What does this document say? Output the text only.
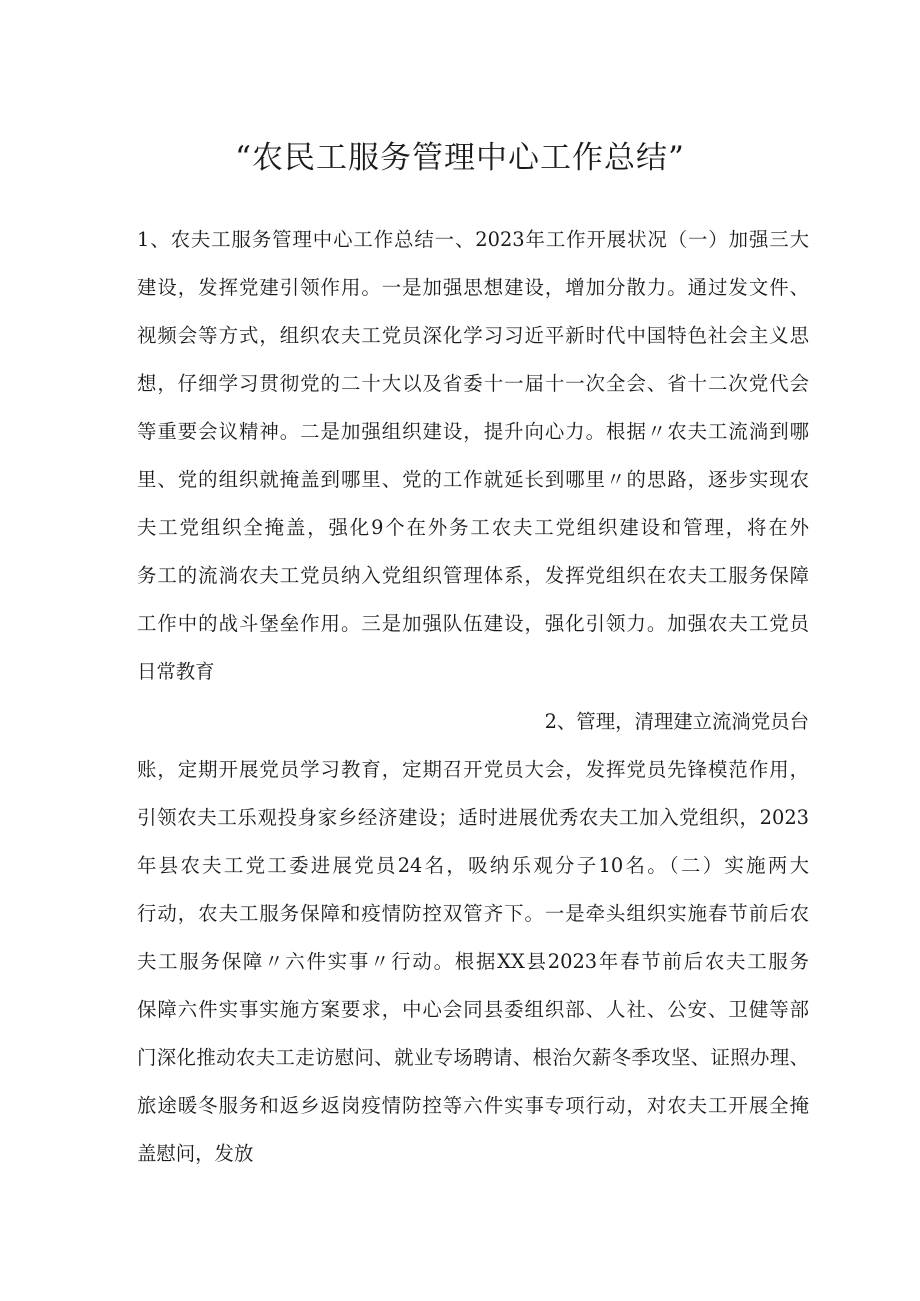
“农民工服务管理中心工作总结”

1、农夫工服务管理中心工作总结一、2023年工作开展状况（一）加强三大

建设，发挥党建引领作用。一是加强思想建设，增加分散力。通过发文件、

视频会等方式，组织农夫工党员深化学习习近平新时代中国特色社会主义思

想，仔细学习贯彻党的二十大以及省委十一届十一次全会、省十二次党代会

等重要会议精神。二是加强组织建设，提升向心力。根据〃农夫工流淌到哪

里、党的组织就掩盖到哪里、党的工作就延长到哪里〃的思路，逐步实现农

夫工党组织全掩盖，强化9个在外务工农夫工党组织建设和管理，将在外

务工的流淌农夫工党员纳入党组织管理体系，发挥党组织在农夫工服务保障

工作中的战斗堡垒作用。三是加强队伍建设，强化引领力。加强农夫工党员

日常教育

2、管理，清理建立流淌党员台

账，定期开展党员学习教育，定期召开党员大会，发挥党员先锋模范作用，

引领农夫工乐观投身家乡经济建设；适时进展优秀农夫工加入党组织，2023

年县农夫工党工委进展党员24名，吸纳乐观分子10名。（二）实施两大

行动，农夫工服务保障和疫情防控双管齐下。一是牵头组织实施春节前后农

夫工服务保障〃六件实事〃行动。根据XX县2023年春节前后农夫工服务

保障六件实事实施方案要求，中心会同县委组织部、人社、公安、卫健等部

门深化推动农夫工走访慰问、就业专场聘请、根治欠薪冬季攻坚、证照办理、

旅途暖冬服务和返乡返岗疫情防控等六件实事专项行动，对农夫工开展全掩

盖慰问，发放
